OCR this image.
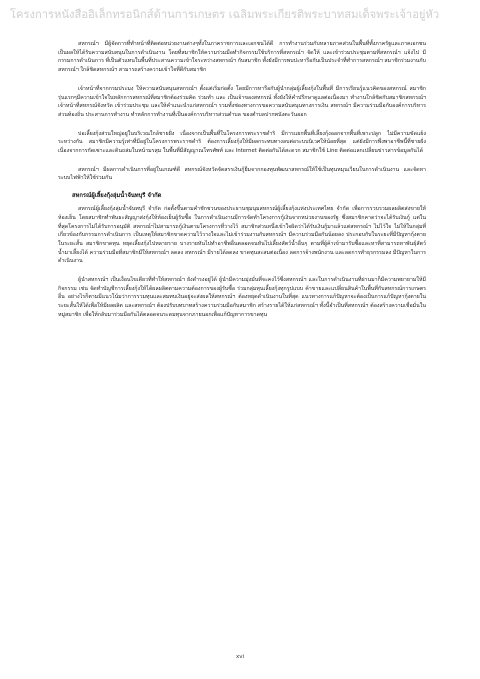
โครงการหนังสืออิเล็กทรอนิกส์ด้านการเกษตร เฉลิมพระเกียรติพระบาทสมเด็จพระเจ้าอยู่หัว

สหกรณ์ฯ มีผู้จัดการที่ทำหน้าที่ติดต่อหน่วยงานต่างๆทั้งในภาคราชการและเอกชนได้ดี การทำงานร่วมกับหลายภาคส่วนในพื้นที่ทั้งภาครัฐและภาคเอกชน เป็นผลให้ได้รับความสนับสนุนในการดำเนินงาน โดยที่สมาชิกให้ความร่วมมือทำกิจกรรมใช้บริการที่สหกรณ์ฯ จัดให้ และเข้าร่วมประชุมตามที่สหกรณ์ฯ แจ้งไป มีกรรมการดำเนินการ ที่เป็นตัวแทนในพื้นที่ประสานความเข้าใจระหว่างสหกรณ์ฯ กับสมาชิก ทั้งยังมีการพบปะหารือกันเป็นประจำที่ทำการสหกรณ์ฯ สมาชิกร่วมงานกับสหกรณ์ฯ ใกล้ชิดสหกรณ์ฯ สามารถสร้างความเข้าใจที่ดีกับสมาชิก

เจ้าหน้าที่จากกรมประมง ให้ความสนับสนุนสหกรณ์ฯ ตั้งแต่เริ่มก่อตั้ง โดยมีการหารือกับผู้นำกลุ่มผู้เลี้ยงกุ้งในพื้นที่ มีการเรียนรู้แนวคิดของสหกรณ์ สมาชิกรุ่นแรกๆมีความเข้าใจในหลักการสหกรณ์ที่สมาชิกต้องร่วมคิด ร่วมทำ และ เป็นเจ้าของสหกรณ์ ทั้งยังให้คำปรึกษาดูแลต่อเนื่องมา ทำงานใกล้ชิดกับสมาชิกสหกรณ์ฯ เจ้าหน้าที่สหกรณ์จังหวัด เข้าร่วมประชุม และให้คำแนะนำแก่สหกรณ์ฯ รวมทั้งช่องทางการขอความสนับสนุนทางการเงิน สหกรณ์ฯ มีความร่วมมือกับองค์การบริหารส่วนท้องถิ่น ประสานการทำงาน ทำหลักการทำงานที่เป็นองค์การบริหารส่วนตำบล ของตำบลปากพนังตะวันออก

บ่อเลี้ยงกุ้งส่วนใหญ่อยู่ในบริเวณใกล้ชายฝั่ง เนื่องจากเป็นพื้นที่ในโครงการพระราชดำริ มีการแยกพื้นที่เลี้ยงกุ้งออกจากพื้นที่เพาะปลูก ไม่มีความขัดแย้งระหว่างกัน สมาชิกมีความรู้เท่าที่มีอยู่ในโครงการพระราชดำริ ต้องการเลี้ยงกุ้งให้มีผลกระทบทางลบต่อระบบนิเวศให้น้อยที่สุด แต่ยังมีการพึ่งพาอาชีพนี้ที่ชายฝั่งเนื่องจากการกัดเซาะและดินถล่มในหน้ามรสุม ในพื้นที่มีสัญญาณโทรศัพท์ และ Internet ติดต่อกันได้สะดวก สมาชิกใช้ Line ติดต่อแลกเปลี่ยนข่าวสารข้อมูลกันได้

สหกรณ์ฯ มีผลการดำเนินการที่อยู่ในเกณฑ์ดี สหกรณ์จังหวัดจัดสรรเงินกู้ยืมจากกองทุนพัฒนาสหกรณ์ให้ใช้เป็นทุนหมุนเวียนในการดำเนินงาน และจัดหาระบบไฟฟ้าให้ใช้ร่วมกัน

สหกรณ์ผู้เลี้ยงกุ้งลุ่มน้ำจันทบุรี จำกัด

สหกรณ์ผู้เลี้ยงกุ้งลุ่มน้ำจันทบุรี จำกัด ก่อตั้งขึ้นตามคำชักชวนของประธานชุมนุมสหกรณ์ผู้เลี้ยงกุ้งแห่งประเทศไทย จำกัด เพื่อการรวบรวมผลผลิตส่งขายให้ห้องเย็น โดยสมาชิกทำพันธะสัญญาส่งกุ้งให้ห้องเย็นผู้รับซื้อ ในการดำเนินงานมีการจัดทำโครงการกู้เงินจากหน่วยงานของรัฐ ซึ่งสมาชิกคาดว่าจะได้รับเงินกู้ แต่ในที่สุดโครงการไม่ได้รับการอนุมัติ สหกรณ์ฯไม่สามารถกู้เงินตามโครงการที่วางไว้ สมาชิกส่วนหนึ่งเข้าใจผิดว่าได้รับเงินกู้มาแล้วแต่สหกรณ์ฯ ไม่ไว้ใจ ไม่ให้ในกลุ่มที่เกี่ยวข้องกับกรรมการดำเนินการ เป็นเหตุให้สมาชิกขาดความไว้วางใจและไม่เข้าร่วมงานกับสหกรณ์ฯ มีความร่วมมือกันน้อยลง ประกอบกับในระยะที่มีปัญหากุ้งตายในระยะสั้น สมาชิกขาดทุน หยุดเลี้ยงกุ้งไปหลายราย บางรายหันไปทำอาชีพอื่นตลอดจนหันไปเลี้ยงสัตว์น้ำอื่นๆ ตามที่ผู้ค้าเข้ามารับซื้อและหาที่สามารถหาพันธุ์สัตว์น้ำมาเลี้ยงได้ ความร่วมมือที่สมาชิกมีให้สหกรณ์ฯ ลดลง สหกรณ์ฯ มีรายได้ลดลง ขาดทุนสะสมต่อเนื่อง ลดการจ้างพนักงาน และลดการทำธุรกรรมลง มีปัญหาในการดำเนินงาน

ผู้นำสหกรณ์ฯ เป็นเงื่อนไขเดียวที่ทำให้สหกรณ์ฯ ยังดำรงอยู่ได้ ผู้นำมีความมุ่งมั่นที่จะคงไว้ซึ่งสหกรณ์ฯ และในการดำเนินงานที่ผ่านมาก็มีความพยายามให้มีกิจกรรม เช่น จัดทำบัญชีการเลี้ยงกุ้งให้ได้ผลผลิตตามความต้องการของผู้รับซื้อ ร่วมกลุ่มทุนเลี้ยงกุ้งทุกรูปแบบ ค้าขายและแปลี่ยนสินค้าในพื้นที่กับสหกรณ์การเกษตรอื่น อย่างไรก็ตามมีแนวโน้มว่าการรวมทุนและสมทบเงินอยู่จะส่งผลให้สหกรณ์ฯ ต้องหยุดดำเนินงานในที่สุด แนวทางการแก้ปัญหาจะต้องเป็นการแก้ปัญหากุ้งตายในระยะสั้นให้ได้เพื่อให้มีผลผลิต และสหกรณ์ฯ ต้องปรับบทบาทสร้างความร่วมมือกับสมาชิก สร้างรายได้ให้แก่สหกรณ์ฯ ทั้งนี้จำเป็นที่สหกรณ์ฯ ต้องสร้างความเชื่อมั่นในหมู่สมาชิก เพื่อให้กลับมาร่วมมือกันได้ตลอดจนระดมทุนจากภายนอกเพื่อแก้ปัญหาการขาดทุน

xvi
